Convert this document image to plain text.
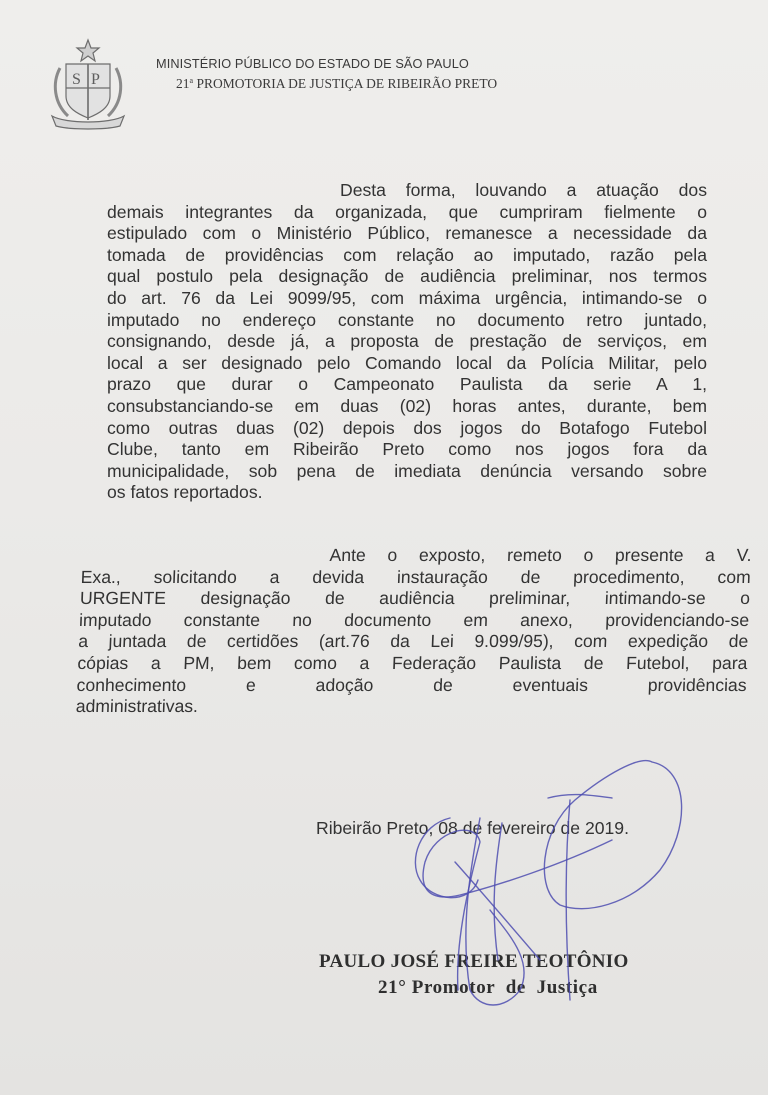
S P
MINISTÉRIO PÚBLICO DO ESTADO DE SÃO PAULO
21$^a$ PROMOTORIA DE JUSTIÇA DE RIBEIRÃO PRETO
Desta forma, louvando a atuação dos
demais integrantes da organizada, que cumpriram fielmente o
estipulado com o Ministério Público, remanesce a necessidade da
tomada de providências com relação ao imputado, razão pela
qual postulo pela designação de audiência preliminar, nos termos
do art. 76 da Lei 9099/95, com máxima urgência, intimando-se o
imputado no endereço constante no documento retro juntado,
consignando, desde já, a proposta de prestação de serviços, em
local a ser designado pelo Comando local da Polícia Militar, pelo
prazo que durar o Campeonato Paulista da serie A 1,
consubstanciando-se em duas (02) horas antes, durante, bem
como outras duas (02) depois dos jogos do Botafogo Futebol
Clube, tanto em Ribeirão Preto como nos jogos fora da
municipalidade, sob pena de imediata denúncia versando sobre
os fatos reportados.
Ante o exposto, remeto o presente a V.
Exa., solicitando a devida instauração de procedimento, com
URGENTE designação de audiência preliminar, intimando-se o
imputado constante no documento em anexo, providenciando-se
a juntada de certidões (art.76 da Lei 9.099/95), com expedição de
cópias a PM, bem como a Federação Paulista de Futebol, para
conhecimento e adoção de eventuais providências
administrativas.
Ribeirão Preto, 08 de fevereiro de 2019.
PAULO JOSÉ FREIRE TEOTÔNIO
21° Promotor  de  Justiça
